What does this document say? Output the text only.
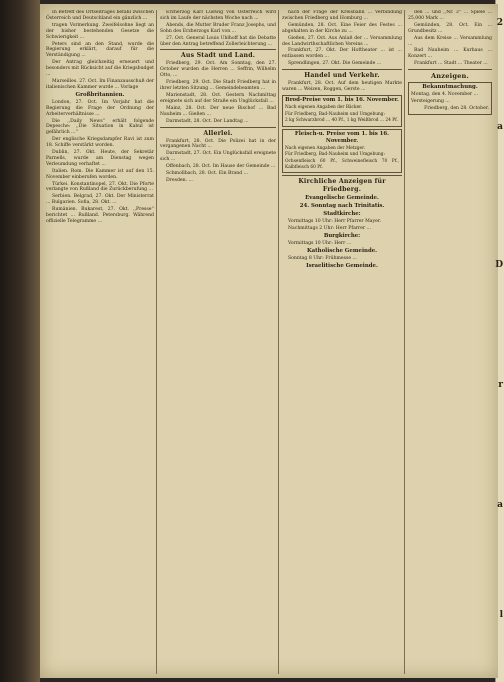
In Betreff des Ortseitrages befahl zwischen Österreich und Deutschland ein gänzlich ...

tragen Vormerkung. Zweifelsohne liegt an der bisher bestehenden Gesetze die Schwierigkeit ...

Peters sind an den Stand, wurde die Regierung erklärt, darauf für die Verständigung ...

Der Antrag gleichzeitig erneuert und besonders mit Rücksicht auf die Kriegsbudget ...

Marseilles. 27. Oct. Im Finanzausschuß der italienischen Kammer wurde ... Vorlage

Großbritannien.

London, 27. Oct. Im Vorjahr hat die Regierung die Frage der Ordnung der Arbeiterverhältnisse ...

Die ,,Daily News'' erhält folgende Depesche: ,,Die Situation in Kabul ist gefährlich ...''

Der englische Kriegsdampfer Ravi ist zum 18. Schiffe verstärkt worden.

Dublin, 27. Okt. Heute, der Sekretär Parnells, wurde am Dienstag wegen Verleumdung verhaftet ...

Italien. Rom. Die Kammer ist auf den 15. November einberufen worden.

Türkei. Konstantinopel, 27. Okt. Die Pforte verlangte von Rußland die Zurückberufung ...

Serbien. Belgrad, 27. Okt. Der Ministerrat ... Bulgarien. Sofia, 28. Okt. ...

Rumänien. Bukarest, 27. Okt. ,,Presse'' berichtet ... Rußland. Petersburg. Während offizielle Telegramme ...

Erzherzog Karl Ludwig von Österreich wird sich im Laufe der nächsten Woche nach ...

Abends, die Mutter Bruder Franz Josephs, und Sohn des Erzherzogs Karl von ...

27. Oct. General Louis Uhlhoff hat die Debatte über den Antrag betreffend Zollerleichterung ...

Aus Stadt und Land.

Friedberg, 29. Oct. Am Sonntag, den 27. October wurden die Herren ... Seffrin, Wilhelm Otto, ...

Friedberg, 29. Oct. Die Stadt Friedberg hat in ihrer letzten Sitzung ... Gemeindebeamten ...

Marienstadt, 28. Oct. Gestern Nachmittag ereignete sich auf der Straße ein Unglücksfall ...

Mainz, 28. Oct. Der neue Bischof ... Bad Nauheim ... Gießen ...

Darmstadt, 28. Oct. Der Landtag ...

Allerlei.

Frankfurt, 28. Oct. Die Polizei hat in der vergangenen Nacht ...

Darmstadt, 27. Oct. Ein Unglücksfall ereignete sich ...

Offenbach, 28. Oct. Im Hause der Gemeinde ...

Schmollbach, 28. Oct. Ein Brand ...

Dresden. ...

nach der Frage der Kreisbahn ... Verbindung zwischen Friedberg und Homburg ...

Gemünden, 28. Oct. Eine Feier des Festes ... abgehalten in der Kirche zu ...

Gießen, 27. Oct. Aus Anlaß der ... Versammlung des Landwirthschaftlichen Vereins ...

Frankfurt, 27. Okt. Der Hoftheater ... ist ... entlassen worden ...

Sprendlingen, 27. Okt. Die Gemeinde ...

Handel und Verkehr.

Frankfurt, 28. Oct. Auf dem heutigen Markte waren ... Weizen, Roggen, Gerste ...

Brod-Preise vom 1. bis 16. November.

Nach eigenen Angaben der Bäcker.

Für Friedberg, Bad-Nauheim und Umgebung:

2 kg Schwarzbrod ... 40 Pf., 1 kg Weißbrod ... 24 Pf.

Fleisch-u. Preise vom 1. bis 16. November.

Nach eigenen Angaben der Metzger.

Für Friedberg, Bad-Nauheim und Umgebung:

Ochsenfleisch 60 Pf., Schweinefleisch 70 Pf., Kalbfleisch 60 Pf.

Kirchliche Anzeigen für Friedberg.

Evangelische Gemeinde.

24. Sonntag nach Trinitatis.

Stadtkirche:

Vormittags 10 Uhr: Herr Pfarrer Mayer.

Nachmittags 2 Uhr: Herr Pfarrer ...

Burgkirche:

Vormittags 10 Uhr: Herr ...

Katholische Gemeinde.

Sonntag 8 Uhr: Frühmesse ...

Israelitische Gemeinde.

den ... und ,,Nr. 3'' ... Spiele ... 25,000 Mark ...

Gemünden, 28. Oct. Ein ... Grundbesitz ...

Aus dem Kreise ... Versammlung ...

Bad Nauheim ... Kurhaus ... Konzert ...

Frankfurt ... Stadt ... Theater ...

Anzeigen.

Bekanntmachung.

Montag, den 4. November ...

Versteigerung ...

Friedberg, den 28. October.

2
a
D
r
a
l
